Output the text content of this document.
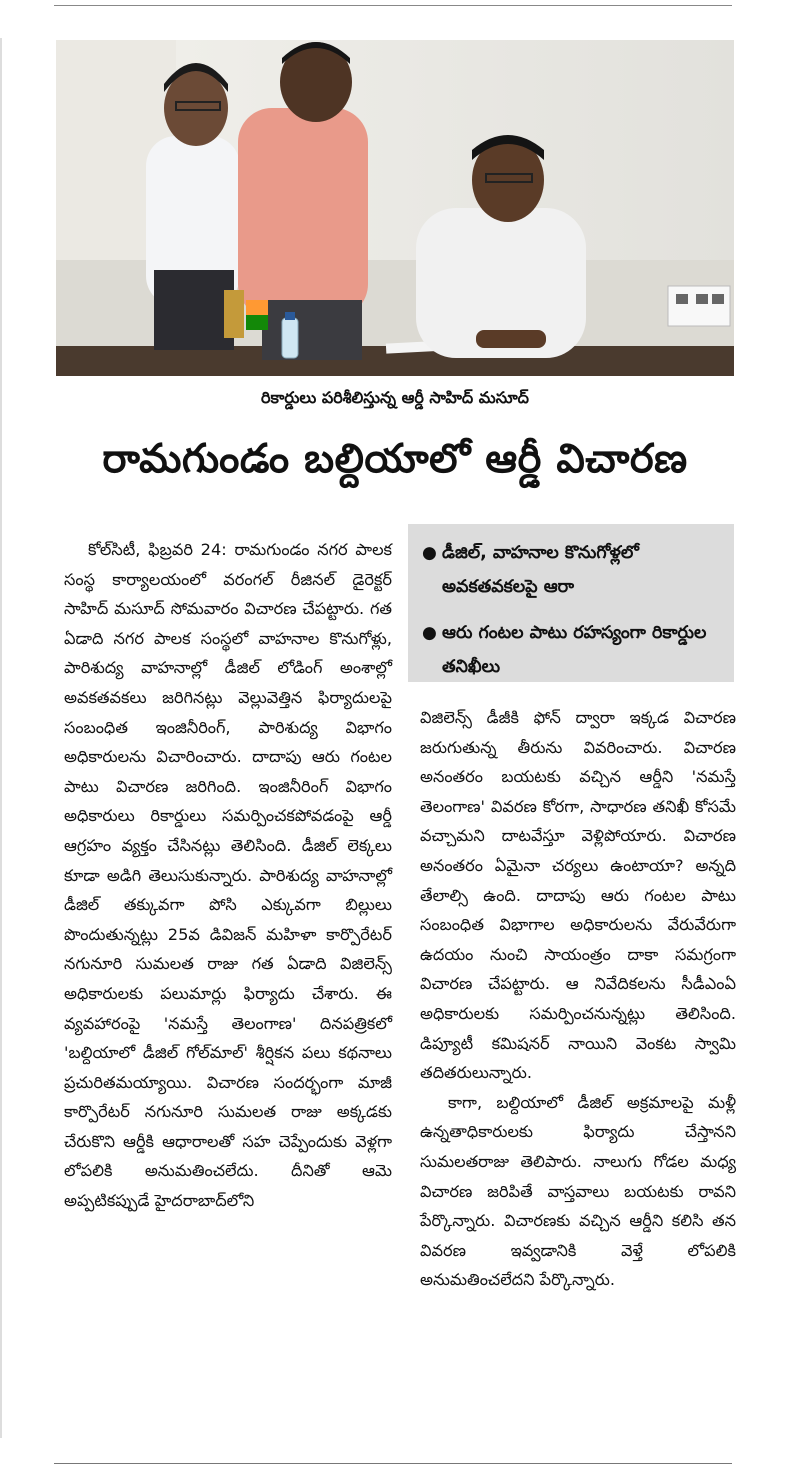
రికార్డులు పరిశీలిస్తున్న ఆర్డీ సాహిద్ మసూద్
రామగుండం బల్దియాలో ఆర్డీ విచారణ

కోల్‌సిటీ, ఫిబ్రవరి 24: రామగుండం నగర పాలక సంస్థ కార్యాలయంలో వరంగల్ రీజినల్ డైరెక్టర్ సాహిద్ మసూద్ సోమవారం విచారణ చేపట్టారు. గత ఏడాది నగర పాలక సంస్థలో వాహనాల కొనుగోళ్లు, పారిశుద్య వాహనాల్లో డీజిల్ లోడింగ్ అంశాల్లో అవకతవకలు జరిగినట్లు వెల్లువెత్తిన ఫిర్యాదులపై సంబంధిత ఇంజినీరింగ్, పారిశుద్య విభాగం అధికారులను విచారించారు. దాదాపు ఆరు గంటల పాటు విచారణ జరిగింది. ఇంజినీరింగ్ విభాగం అధికారులు రికార్డులు సమర్పించకపోవడంపై ఆర్డీ ఆగ్రహం వ్యక్తం చేసినట్లు తెలిసింది. డీజిల్ లెక్కలు కూడా అడిగి తెలుసుకున్నారు. పారిశుద్య వాహనాల్లో డీజిల్ తక్కువగా పోసి ఎక్కువగా బిల్లులు పొందుతున్నట్లు 25వ డివిజన్ మహిళా కార్పొరేటర్ నగునూరి సుమలత రాజు గత ఏడాది విజిలెన్స్ అధికారులకు పలుమార్లు ఫిర్యాదు చేశారు. ఈ వ్యవహారంపై 'నమస్తే తెలంగాణ' దినపత్రికలో 'బల్దియాలో డీజిల్ గోల్‌మాల్' శీర్షికన పలు కథనాలు ప్రచురితమయ్యాయి. విచారణ సందర్భంగా మాజీ కార్పొరేటర్ నగునూరి సుమలత రాజు అక్కడకు చేరుకొని ఆర్డీకి ఆధారాలతో సహ చెప్పేందుకు వెళ్లగా లోపలికి అనుమతించలేదు. దీనితో ఆమె అప్పటికప్పుడే హైదరాబాద్‌లోని

● డీజిల్, వాహనాల కొనుగోళ్లలో అవకతవకలపై ఆరా
● ఆరు గంటల పాటు రహస్యంగా రికార్డుల తనిఖీలు

విజిలెన్స్ డీజీకి ఫోన్ ద్వారా ఇక్కడ విచారణ జరుగుతున్న తీరును వివరించారు. విచారణ అనంతరం బయటకు వచ్చిన ఆర్డీని 'నమస్తే తెలంగాణ' వివరణ కోరగా, సాధారణ తనిఖీ కోసమే వచ్చామని దాటవేస్తూ వెళ్లిపోయారు. విచారణ అనంతరం ఏమైనా చర్యలు ఉంటాయా? అన్నది తేలాల్సి ఉంది. దాదాపు ఆరు గంటల పాటు సంబంధిత విభాగాల అధికారులను వేరువేరుగా ఉదయం నుంచి సాయంత్రం దాకా సమగ్రంగా విచారణ చేపట్టారు. ఆ నివేదికలను సీడీఎంఏ అధికారులకు సమర్పించనున్నట్లు తెలిసింది. డిప్యూటీ కమిషనర్ నాయిని వెంకట స్వామి తదితరులున్నారు.

కాగా, బల్దియాలో డీజిల్ అక్రమాలపై మళ్లీ ఉన్నతాధికారులకు ఫిర్యాదు చేస్తానని సుమలతరాజు తెలిపారు. నాలుగు గోడల మధ్య విచారణ జరిపితే వాస్తవాలు బయటకు రావని పేర్కొన్నారు. విచారణకు వచ్చిన ఆర్డీని కలిసి తన వివరణ ఇవ్వడానికి వెళ్తే లోపలికి అనుమతించలేదని పేర్కొన్నారు.
